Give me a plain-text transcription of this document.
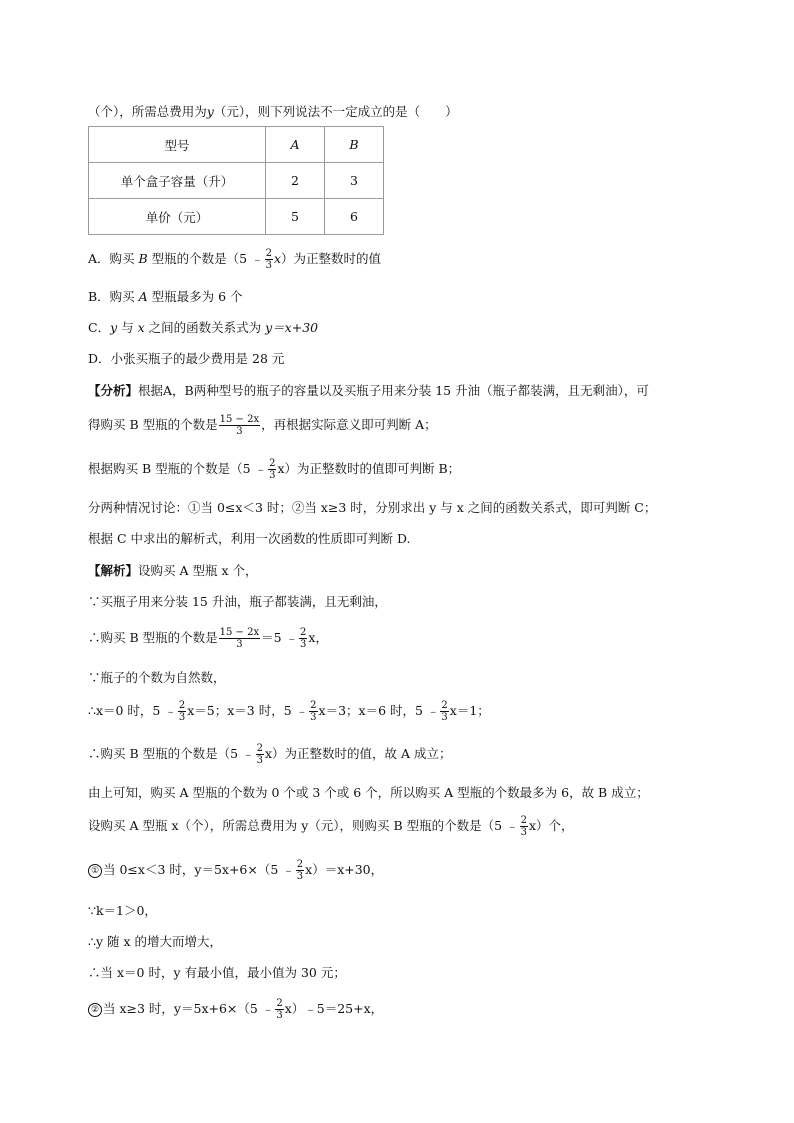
（个），所需总费用为y（元），则下列说法不一定成立的是（　　）
型号	A	B
单个盒子容量（升）	2	3
单价（元）	5	6
A．购买 B 型瓶的个数是（5 ﹣ $\frac{2}{3} x$）为正整数时的值
B．购买 A 型瓶最多为 6 个
C．y 与 x 之间的函数关系式为 y＝x+30
D．小张买瓶子的最少费用是 28 元
【分析】根据A，B两种型号的瓶子的容量以及买瓶子用来分装 15 升油（瓶子都装满，且无剩油），可
得购买 B 型瓶的个数是 $\frac{15 - 2x}{3}$ ，再根据实际意义即可判断 A；
根据购买 B 型瓶的个数是（5 ﹣ $\frac{2}{3} x$）为正整数时的值即可判断 B；
分两种情况讨论：①当 0≤x＜3 时；②当 x≥3 时，分别求出 y 与 x 之间的函数关系式，即可判断 C；
根据 C 中求出的解析式，利用一次函数的性质即可判断 D.
【解析】设购买 A 型瓶 x 个，
∵买瓶子用来分装 15 升油，瓶子都装满，且无剩油，
∴购买 B 型瓶的个数是 $\frac{15 - 2x}{3} =5$ ﹣ $\frac{2}{3}$ x，
∵瓶子的个数为自然数，
∴x＝0 时，5 ﹣ $\frac{2}{3} x=5$；x＝3 时，5 ﹣ $\frac{2}{3} x=3$；x＝6 时，5 ﹣ $\frac{2}{3} x=1$；
∴购买 B 型瓶的个数是（5 ﹣ $\frac{2}{3} x$）为正整数时的值，故 A 成立；
由上可知，购买 A 型瓶的个数为 0 个或 3 个或 6 个，所以购买 A 型瓶的个数最多为 6，故 B 成立；
设购买 A 型瓶 x（个），所需总费用为 y（元），则购买 B 型瓶的个数是（5 ﹣ $\frac{2}{3} x$）个，
① 当 0≤x＜3 时，y＝5x+6×（5 ﹣ $\frac{2}{3} x)=x+30$，
∵k＝1＞0，
∴y 随 x 的增大而增大，
∴当 x＝0 时，y 有最小值，最小值为 30 元；
② 当 x≥3 时，y＝5x+6×（5 ﹣ $\frac{2}{3}$ x）﹣5＝25+x，
